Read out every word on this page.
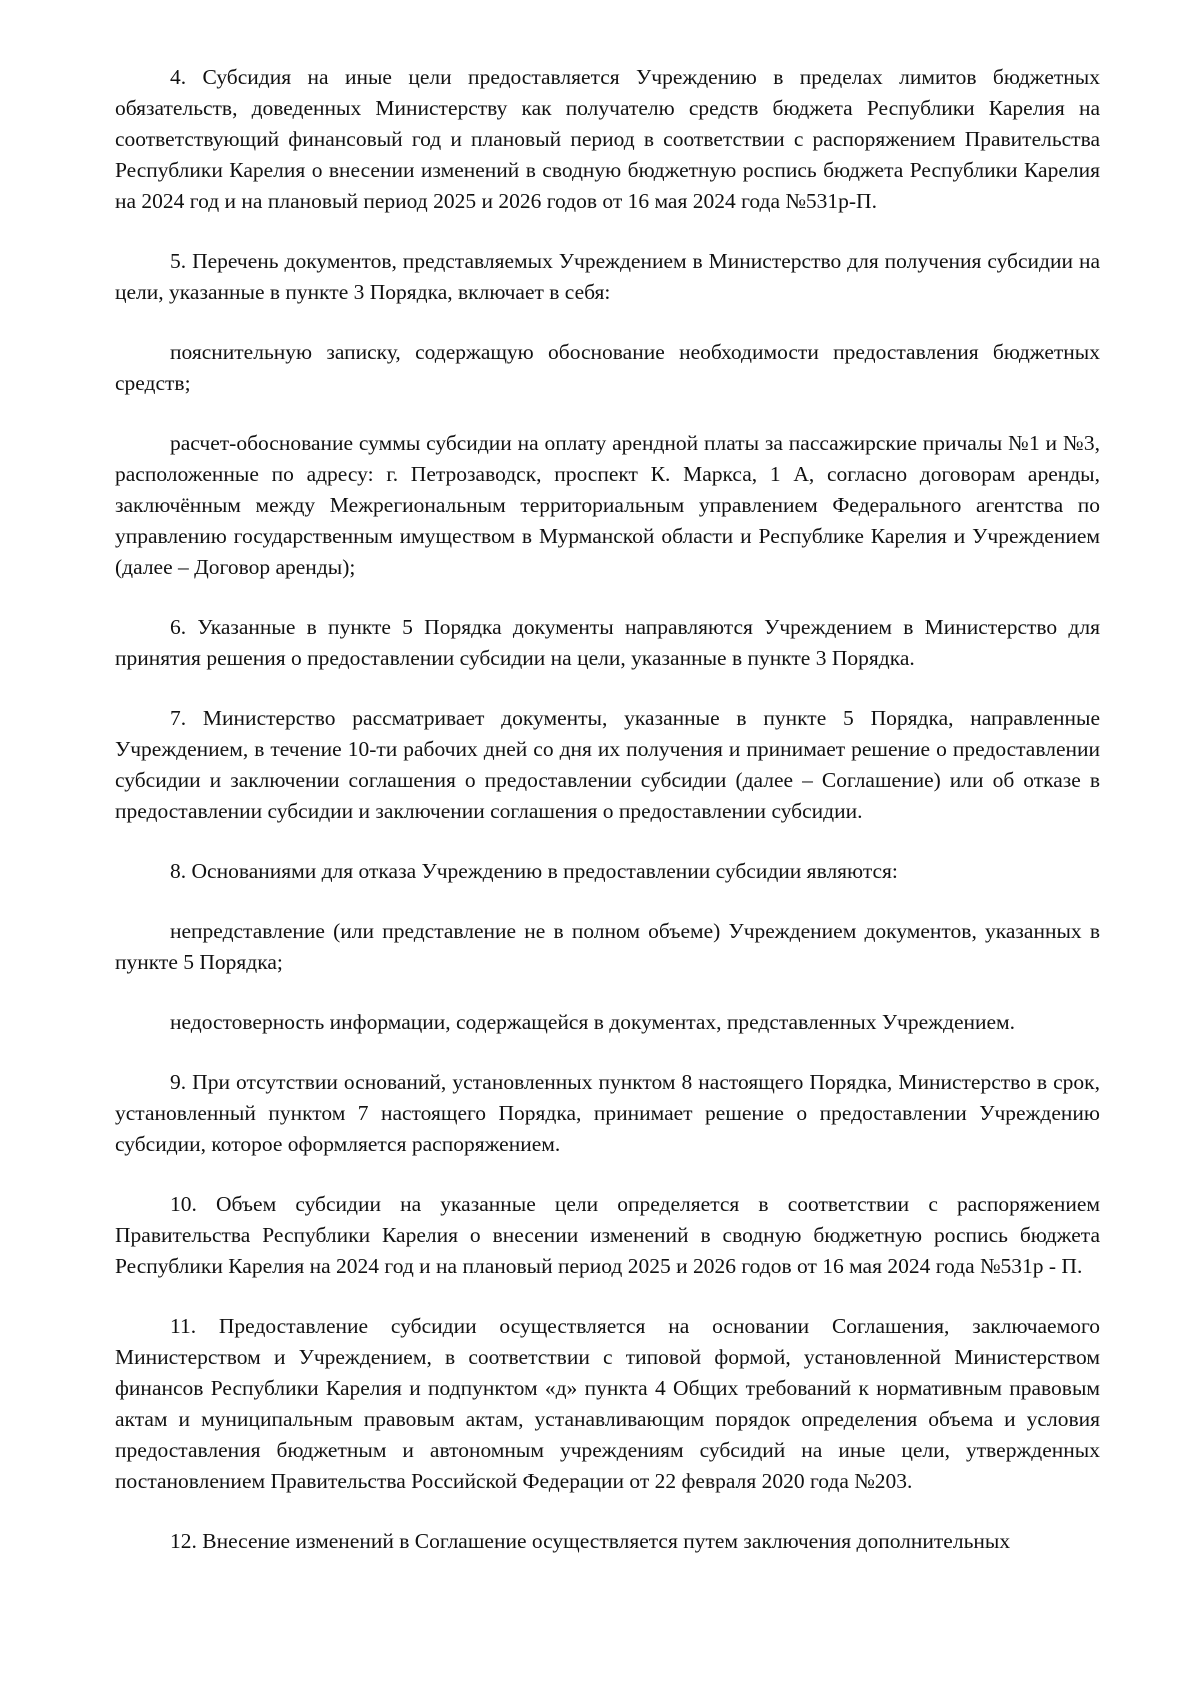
4. Субсидия на иные цели предоставляется Учреждению в пределах лимитов бюджетных обязательств, доведенных Министерству как получателю средств бюджета Республики Карелия на соответствующий финансовый год и плановый период в соответствии с распоряжением Правительства Республики Карелия о внесении изменений в сводную бюджетную роспись бюджета Республики Карелия на 2024 год и на плановый период 2025 и 2026 годов от 16 мая 2024 года №531р-П.

5. Перечень документов, представляемых Учреждением в Министерство для получения субсидии на цели, указанные в пункте 3 Порядка, включает в себя:

пояснительную записку, содержащую обоснование необходимости предоставления бюджетных средств;

расчет-обоснование суммы субсидии на оплату арендной платы за пассажирские причалы №1 и №3, расположенные по адресу: г. Петрозаводск, проспект К. Маркса, 1 А, согласно договорам аренды, заключённым между Межрегиональным территориальным управлением Федерального агентства по управлению государственным имуществом в Мурманской области и Республике Карелия и Учреждением (далее – Договор аренды);

6. Указанные в пункте 5 Порядка документы направляются Учреждением в Министерство для принятия решения о предоставлении субсидии на цели, указанные в пункте 3 Порядка.

7. Министерство рассматривает документы, указанные в пункте 5 Порядка, направленные Учреждением, в течение 10-ти рабочих дней со дня их получения и принимает решение о предоставлении субсидии и заключении соглашения о предоставлении субсидии (далее – Соглашение) или об отказе в предоставлении субсидии и заключении соглашения о предоставлении субсидии.

8. Основаниями для отказа Учреждению в предоставлении субсидии являются:

непредставление (или представление не в полном объеме) Учреждением документов, указанных в пункте 5 Порядка;

недостоверность информации, содержащейся в документах, представленных Учреждением.

9. При отсутствии оснований, установленных пунктом 8 настоящего Порядка, Министерство в срок, установленный пунктом 7 настоящего Порядка, принимает решение о предоставлении Учреждению субсидии, которое оформляется распоряжением.

10. Объем субсидии на указанные цели определяется в соответствии с распоряжением Правительства Республики Карелия о внесении изменений в сводную бюджетную роспись бюджета Республики Карелия на 2024 год и на плановый период 2025 и 2026 годов от 16 мая 2024 года №531р - П.

11. Предоставление субсидии осуществляется на основании Соглашения, заключаемого Министерством и Учреждением, в соответствии с типовой формой, установленной Министерством финансов Республики Карелия и подпунктом «д» пункта 4 Общих требований к нормативным правовым актам и муниципальным правовым актам, устанавливающим порядок определения объема и условия предоставления бюджетным и автономным учреждениям субсидий на иные цели, утвержденных постановлением Правительства Российской Федерации от 22 февраля 2020 года №203.

12. Внесение изменений в Соглашение осуществляется путем заключения дополнительных
